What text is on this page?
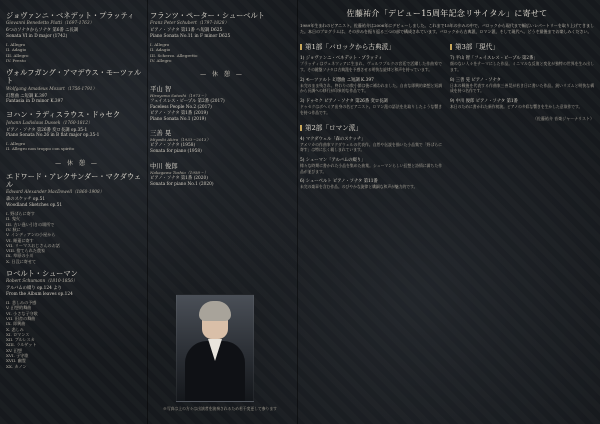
ジョヴァンニ・ベネデット・プラッティ
Giovanni Benedetto Platti（1697-1763）
6つのソナタからソナタ 第6番 ニ長調
Sonata VI in D major (1742)
I. Allegro
II. Adagio
III. Allegro
IV. Presto
ヴォルフガング・アマデウス・モーツァルト
Wolfgang Amadeus Mozart（1756-1791）
幻想曲 ニ短調 K.397
Fantasia in D minor K.397
ヨハン・ラディスラウス・ドゥセク
Johann Ladislaus Dussek（1760-1812）
ピアノ・ソナタ 第26番 変ロ長調 op.35-1
Piano Sonata No.26 in B flat major op.35-1
I. Allegro
II. Allegro non troppo con spirito
— 休 憩 —
エドワード・アレクサンダー・マクダウェル
Edward Alexander MacDowell（1860-1908）
森のスケッチ op.51
Woodland Sketches op.51
I. 野ばらに寄す
II. 鬼火
III. 古い逢い引きの場所で
IV. 秋に
V. インディアンの小屋から
VI. 睡蓮に寄す
VII. リーマスおじさんのお話
VIII. 捨てられた農家
IX. 草原の小川
X. 日没に寄せて
ロベルト・シューマン
Robert Schumann（1810-1856）
アルバムの綴り op.124 より
From the Album leaves op.124
II. 悲しみの予感
V. 幻想的舞曲
VI. 小さな子守歌
VII. 田舎の舞曲
IX. 即興曲
X. 悲しみ
XI. ロマンス
XII. ブルレスカ
XIII. ラルゲット
XV. 幻想
XVI. 子守歌
XVII. 幽霊
XX. カノン
フランツ・ペーター・シューベルト
Franz Peter Schubert（1797-1828）
ピアノ・ソナタ 第11番 ヘ短調 D625
Piano Sonata No.11 in F minor D625
I. Allegro
II. Adagio
III. Scherzo. Allegretto
IV. Allegro
— 休 憩 —
平山 智
Hirayama Satoshi（1973〜）
フェイスレス・ピープル 第2番 (2017)
Faceless People No.2 (2017)
ピアノ・ソナタ 第1番 (2019)
Piano Sonata No.1 (2019)
三善 晃
Miyoshi Akira（1933〜2013）
ピアノ・ソナタ (1958)
Sonata for piano (1958)
中川 俊郎
Nakagawa Toshio（1958〜）
ピアノ・ソナタ 第1番 (2020)
Sonata for piano No.1 (2020)
※写真は上の方々は出演者を演奏されるため若干変更して参ります
佐藤祐介「デビュー15周年記念リサイタル」に寄せて
1989年生まれのピアニスト。佐藤祐介は2006年にデビューしました。これまで15年の歩みの中で、バロックから現代まで幅広いレパートリーを取り上げてきました。本日のプログラムは、その歩みを振り返る三つの部で構成されています。バロックから古典派、ロマン派、そして現代へ。どうぞ最後までお楽しみください。
第1部「バロックから古典派」
1) ジョヴァンニ・ベネデット・プラッティ
プラッティはヴェネツィアに生まれ、ヴュルツブルクの宮廷で活躍した作曲家です。その鍵盤ソナタは古典派を予感させる明快な旋律と和声を持っています。
2) モーツァルト 幻想曲 ニ短調 K.397
未完のまま残され、終わりの数小節は後に補われました。自由な即興的楽想と短調から長調への移行が印象的な作品です。
3) ドゥセク ピアノ・ソナタ 第26番 変ロ長調
ドゥセクはボヘミア出身の名ピアニスト。ロマン派の語法を先取りしたような響きを持つ作品です。
第2部「ロマン派」
4) マクダウェル「森のスケッチ」
アメリカの作曲家マクダウェルの代表作。自然や伝説を描いた小品集で「野ばらに寄す」は特に広く親しまれています。
5) シューマン「アルバムの綴り」
様々な時期に書かれた小品を集めた曲集。シューマンらしい幻想と詩情に満ちた作品が並びます。
6) シューベルト ピアノ・ソナタ 第11番
未完の楽章を含む作品。のびやかな旋律と繊細な和声が魅力的です。
第3部「現代」
7) 平山 智「フェイスレス・ピープル 第2番」
顔のない人々をテーマにした作品。ミニマルな反復と変化が独特の世界を生み出します。
8) 三善 晃 ピアノ・ソナタ
日本の戦後を代表する作曲家三善晃が若き日に書いた作品。鋭いリズムと明快な構成を持つ名作です。
9) 中川 俊郎 ピアノ・ソナタ 第1番
本日のために書かれた新作初演。ピアノの多彩な響きを生かした意欲作です。
（佐藤祐介 音楽ジャーナリスト）
